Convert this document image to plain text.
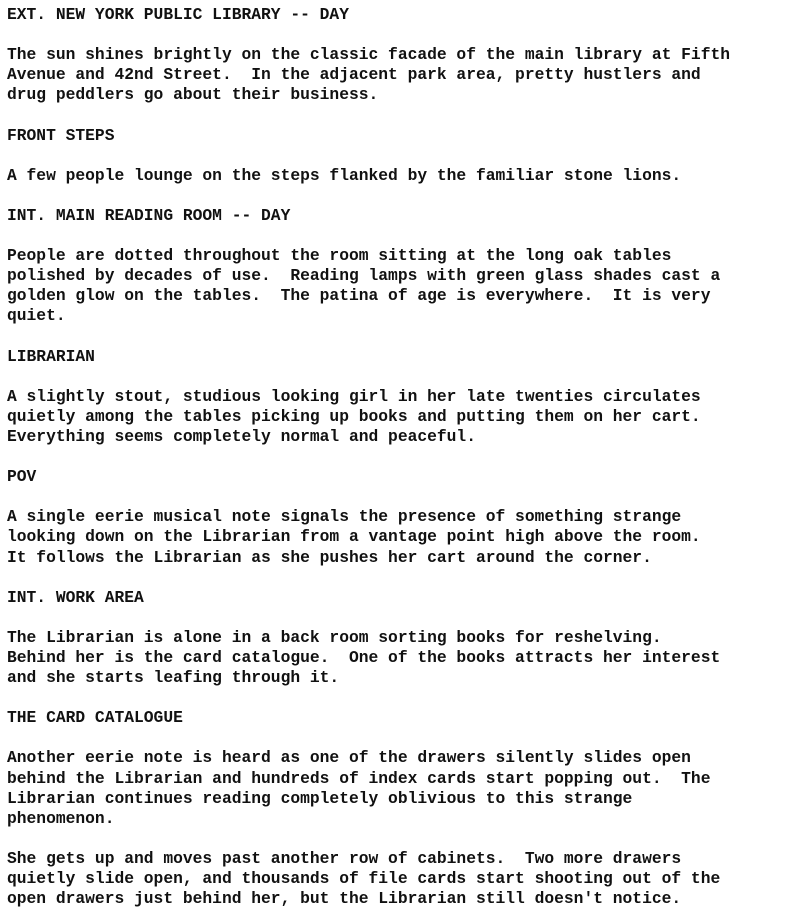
EXT. NEW YORK PUBLIC LIBRARY -- DAY
The sun shines brightly on the classic facade of the main library at Fifth
Avenue and 42nd Street.  In the adjacent park area, pretty hustlers and
drug peddlers go about their business.
FRONT STEPS
A few people lounge on the steps flanked by the familiar stone lions.
INT. MAIN READING ROOM -- DAY
People are dotted throughout the room sitting at the long oak tables
polished by decades of use.  Reading lamps with green glass shades cast a
golden glow on the tables.  The patina of age is everywhere.  It is very
quiet.
LIBRARIAN
A slightly stout, studious looking girl in her late twenties circulates
quietly among the tables picking up books and putting them on her cart.
Everything seems completely normal and peaceful.
POV
A single eerie musical note signals the presence of something strange
looking down on the Librarian from a vantage point high above the room.
It follows the Librarian as she pushes her cart around the corner.
INT. WORK AREA
The Librarian is alone in a back room sorting books for reshelving.
Behind her is the card catalogue.  One of the books attracts her interest
and she starts leafing through it.
THE CARD CATALOGUE
Another eerie note is heard as one of the drawers silently slides open
behind the Librarian and hundreds of index cards start popping out.  The
Librarian continues reading completely oblivious to this strange
phenomenon.
She gets up and moves past another row of cabinets.  Two more drawers
quietly slide open, and thousands of file cards start shooting out of the
open drawers just behind her, but the Librarian still doesn't notice.
